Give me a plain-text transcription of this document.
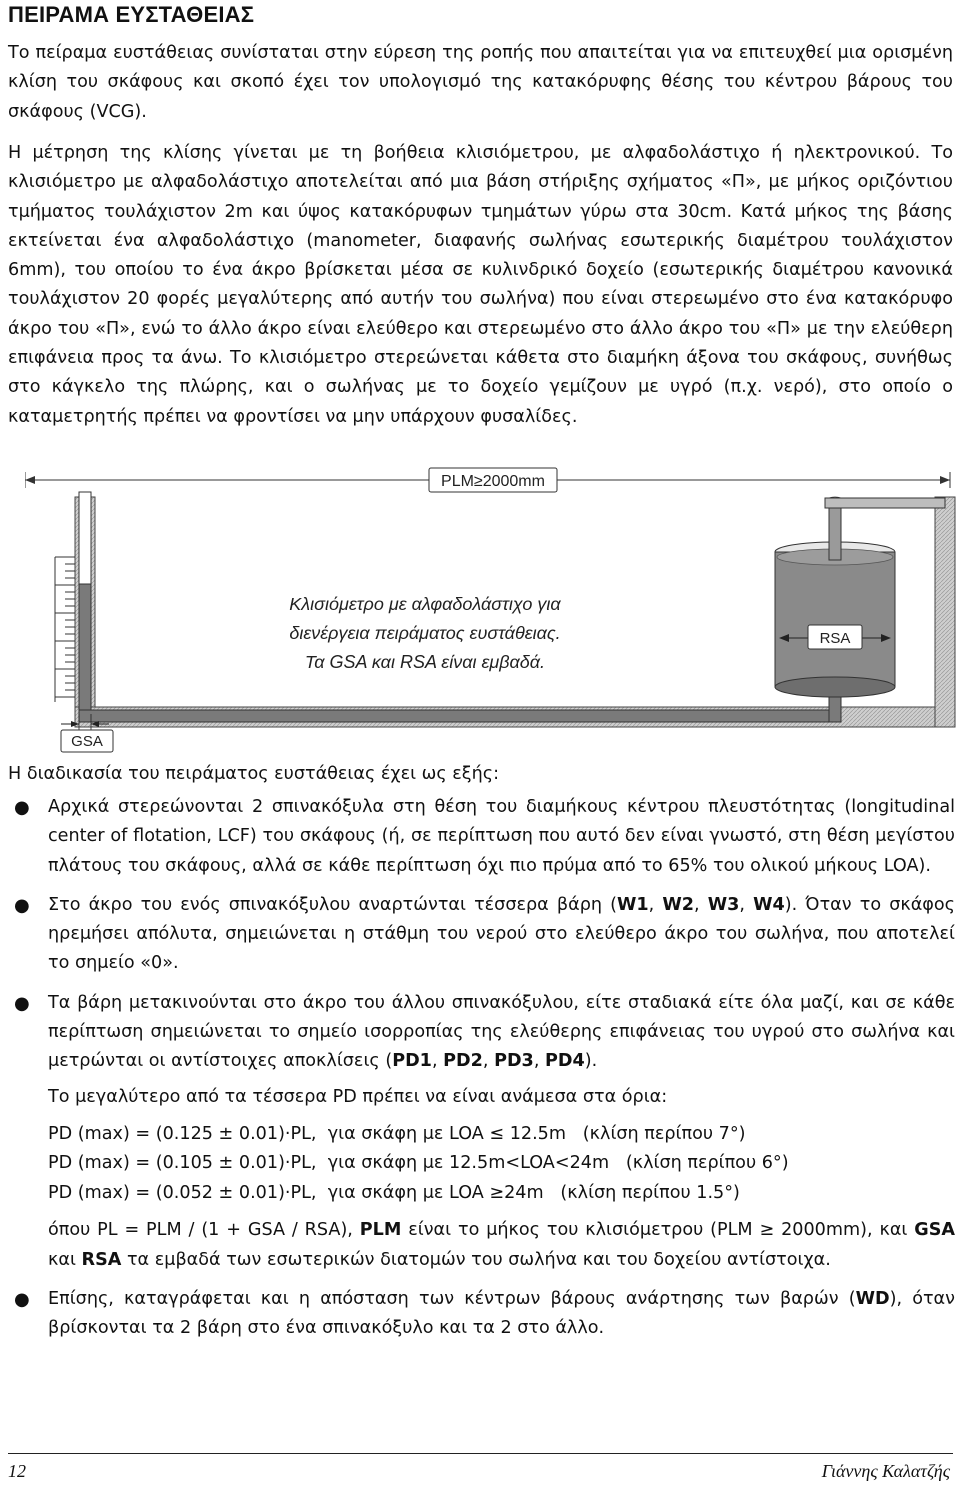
ΠΕΙΡΑΜΑ ΕΥΣΤΑΘΕΙΑΣ

Το πείραμα ευστάθειας συνίσταται στην εύρεση της ροπής που απαιτείται για να επιτευχθεί μια ορισμένη κλίση του σκάφους και σκοπό έχει τον υπολογισμό της κατακόρυφης θέσης του κέντρου βάρους του σκάφους (VCG).

Η μέτρηση της κλίσης γίνεται με τη βοήθεια κλισιόμετρου, με αλφαδολάστιχο ή ηλεκτρονικού. Το κλισιόμετρο με αλφαδολάστιχο αποτελείται από μια βάση στήριξης σχήματος «Π», με μήκος οριζόντιου τμήματος τουλάχιστον 2m και ύψος κατακόρυφων τμημάτων γύρω στα 30cm. Κατά μήκος της βάσης εκτείνεται ένα αλφαδολάστιχο (manometer, διαφανής σωλήνας εσωτερικής διαμέτρου τουλάχιστον 6mm), του οποίου το ένα άκρο βρίσκεται μέσα σε κυλινδρικό δοχείο (εσωτερικής διαμέτρου κανονικά τουλάχιστον 20 φορές μεγαλύτερης από αυτήν του σωλήνα) που είναι στερεωμένο στο ένα κατακόρυφο άκρο του «Π», ενώ το άλλο άκρο είναι ελεύθερο και στερεωμένο στο άλλο άκρο του «Π» με την ελεύθερη επιφάνεια προς τα άνω. Το κλισιόμετρο στερεώνεται κάθετα στο διαμήκη άξονα του σκάφους, συνήθως στο κάγκελο της πλώρης, και ο σωλήνας με το δοχείο γεμίζουν με υγρό (π.χ. νερό), στο οποίο ο καταμετρητής πρέπει να φροντίσει να μην υπάρχουν φυσαλίδες.

PLM≥2000mm
RSA
Κλισιόμετρο με αλφαδολάστιχο για
διενέργεια πειράματος ευστάθειας.
Τα GSA και RSA είναι εμβαδά.
GSA

Η διαδικασία του πειράματος ευστάθειας έχει ως εξής:

● Αρχικά στερεώνονται 2 σπινακόξυλα στη θέση του διαμήκους κέντρου πλευστότητας (longitudinal center of flotation, LCF) του σκάφους (ή, σε περίπτωση που αυτό δεν είναι γνωστό, στη θέση μεγίστου πλάτους του σκάφους, αλλά σε κάθε περίπτωση όχι πιο πρύμα από το 65% του ολικού μήκους LOA).
● Στο άκρο του ενός σπινακόξυλου αναρτώνται τέσσερα βάρη (W1, W2, W3, W4). Όταν το σκάφος ηρεμήσει απόλυτα, σημειώνεται η στάθμη του νερού στο ελεύθερο άκρο του σωλήνα, που αποτελεί το σημείο «0».
● Τα βάρη μετακινούνται στο άκρο του άλλου σπινακόξυλου, είτε σταδιακά είτε όλα μαζί, και σε κάθε περίπτωση σημειώνεται το σημείο ισορροπίας της ελεύθερης επιφάνειας του υγρού στο σωλήνα και μετρώνται οι αντίστοιχες αποκλίσεις (PD1, PD2, PD3, PD4).
Το μεγαλύτερο από τα τέσσερα PD πρέπει να είναι ανάμεσα στα όρια:
PD (max) = (0.125 ± 0.01)·PL,  για σκάφη με LOA ≤ 12.5m   (κλίση περίπου 7°)
PD (max) = (0.105 ± 0.01)·PL,  για σκάφη με 12.5m<LOA<24m   (κλίση περίπου 6°)
PD (max) = (0.052 ± 0.01)·PL,  για σκάφη με LOA ≥24m   (κλίση περίπου 1.5°)
όπου PL = PLM / (1 + GSA / RSA), PLM είναι το μήκος του κλισιόμετρου (PLM ≥ 2000mm), και GSA και RSA τα εμβαδά των εσωτερικών διατομών του σωλήνα και του δοχείου αντίστοιχα.
● Επίσης, καταγράφεται και η απόσταση των κέντρων βάρους ανάρτησης των βαρών (WD), όταν βρίσκονται τα 2 βάρη στο ένα σπινακόξυλο και τα 2 στο άλλο.
12	Γιάννης Καλατζής
